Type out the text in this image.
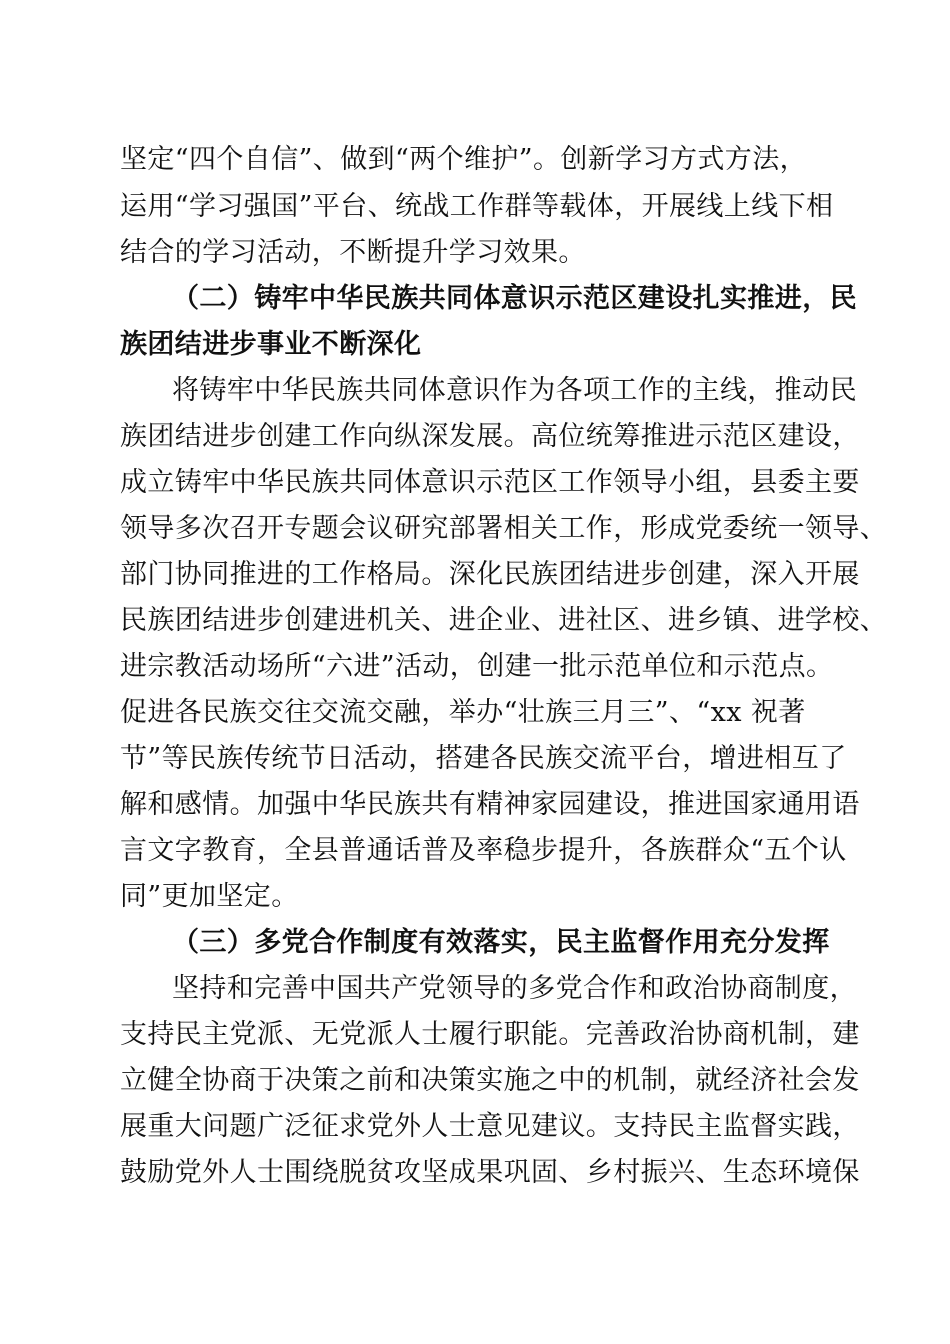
坚定“四个自信”、做到“两个维护”。创新学习方式方法，
运用“学习强国”平台、统战工作群等载体，开展线上线下相
结合的学习活动，不断提升学习效果。
（二）铸牢中华民族共同体意识示范区建设扎实推进，民
族团结进步事业不断深化
将铸牢中华民族共同体意识作为各项工作的主线，推动民
族团结进步创建工作向纵深发展。高位统筹推进示范区建设，
成立铸牢中华民族共同体意识示范区工作领导小组，县委主要
领导多次召开专题会议研究部署相关工作，形成党委统一领导、
部门协同推进的工作格局。深化民族团结进步创建，深入开展
民族团结进步创建进机关、进企业、进社区、进乡镇、进学校、
进宗教活动场所“六进”活动，创建一批示范单位和示范点。
促进各民族交往交流交融，举办“壮族三月三”、“xx 祝著
节”等民族传统节日活动，搭建各民族交流平台，增进相互了
解和感情。加强中华民族共有精神家园建设，推进国家通用语
言文字教育，全县普通话普及率稳步提升，各族群众“五个认
同”更加坚定。
（三）多党合作制度有效落实，民主监督作用充分发挥
坚持和完善中国共产党领导的多党合作和政治协商制度，
支持民主党派、无党派人士履行职能。完善政治协商机制，建
立健全协商于决策之前和决策实施之中的机制，就经济社会发
展重大问题广泛征求党外人士意见建议。支持民主监督实践，
鼓励党外人士围绕脱贫攻坚成果巩固、乡村振兴、生态环境保
